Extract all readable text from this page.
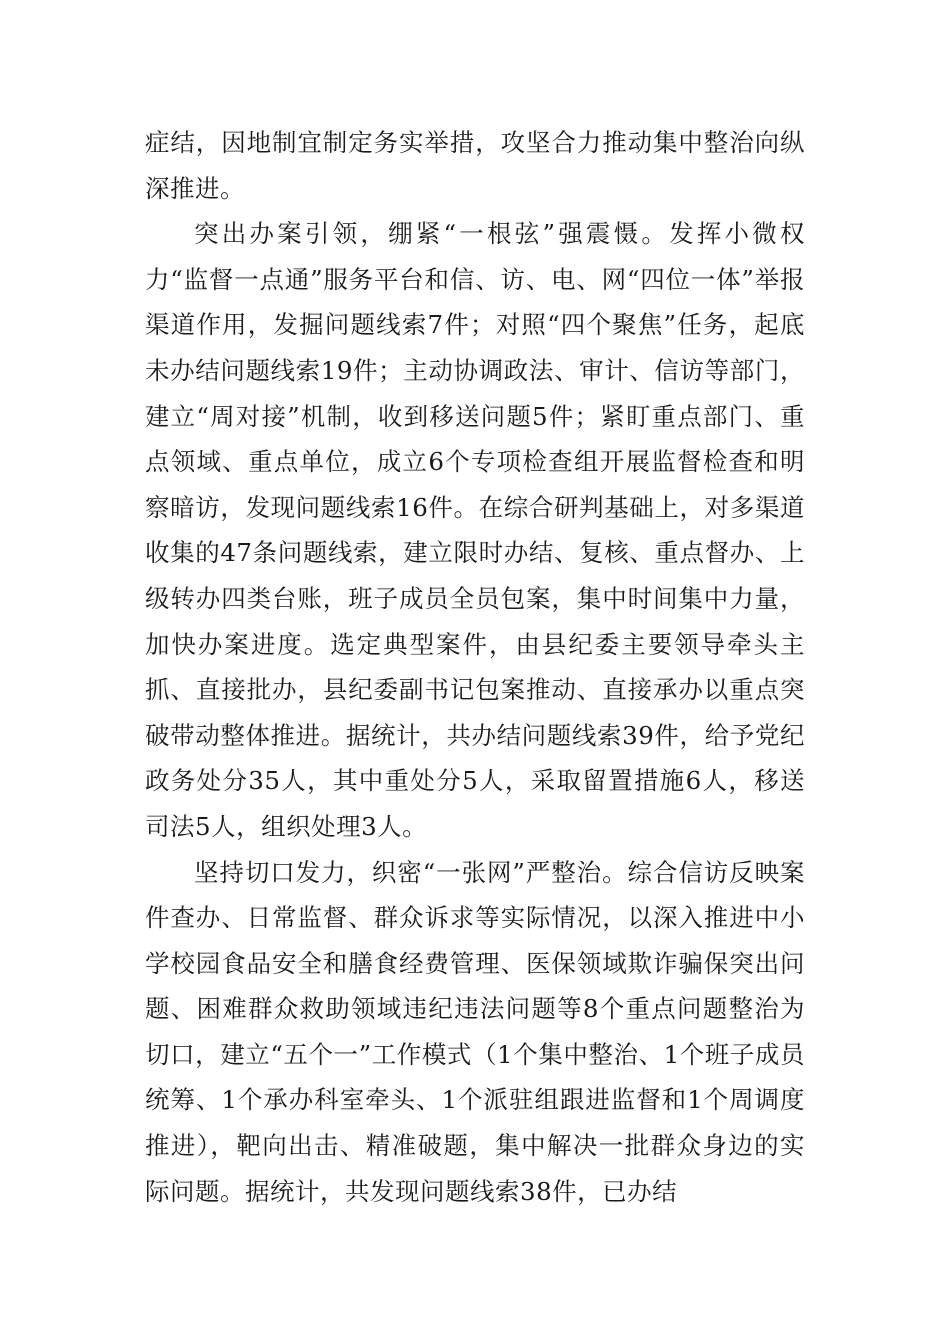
症结，因地制宜制定务实举措，攻坚合力推动集中整治向纵深推进。

突出办案引领，绷紧“一根弦”强震慑。发挥小微权力“监督一点通”服务平台和信、访、电、网“四位一体”举报渠道作用，发掘问题线索7件；对照“四个聚焦”任务，起底未办结问题线索19件；主动协调政法、审计、信访等部门，建立“周对接”机制，收到移送问题5件；紧盯重点部门、重点领域、重点单位，成立6个专项检查组开展监督检查和明察暗访，发现问题线索16件。在综合研判基础上，对多渠道收集的47条问题线索，建立限时办结、复核、重点督办、上级转办四类台账，班子成员全员包案，集中时间集中力量，加快办案进度。选定典型案件，由县纪委主要领导牵头主抓、直接批办，县纪委副书记包案推动、直接承办以重点突破带动整体推进。据统计，共办结问题线索39件，给予党纪政务处分35人，其中重处分5人，采取留置措施6人，移送司法5人，组织处理3人。

坚持切口发力，织密“一张网”严整治。综合信访反映案件查办、日常监督、群众诉求等实际情况，以深入推进中小学校园食品安全和膳食经费管理、医保领域欺诈骗保突出问题、困难群众救助领域违纪违法问题等8个重点问题整治为切口，建立“五个一”工作模式（1个集中整治、1个班子成员统筹、1个承办科室牵头、1个派驻组跟进监督和1个周调度推进），靶向出击、精准破题，集中解决一批群众身边的实际问题。据统计，共发现问题线索38件，已办结
